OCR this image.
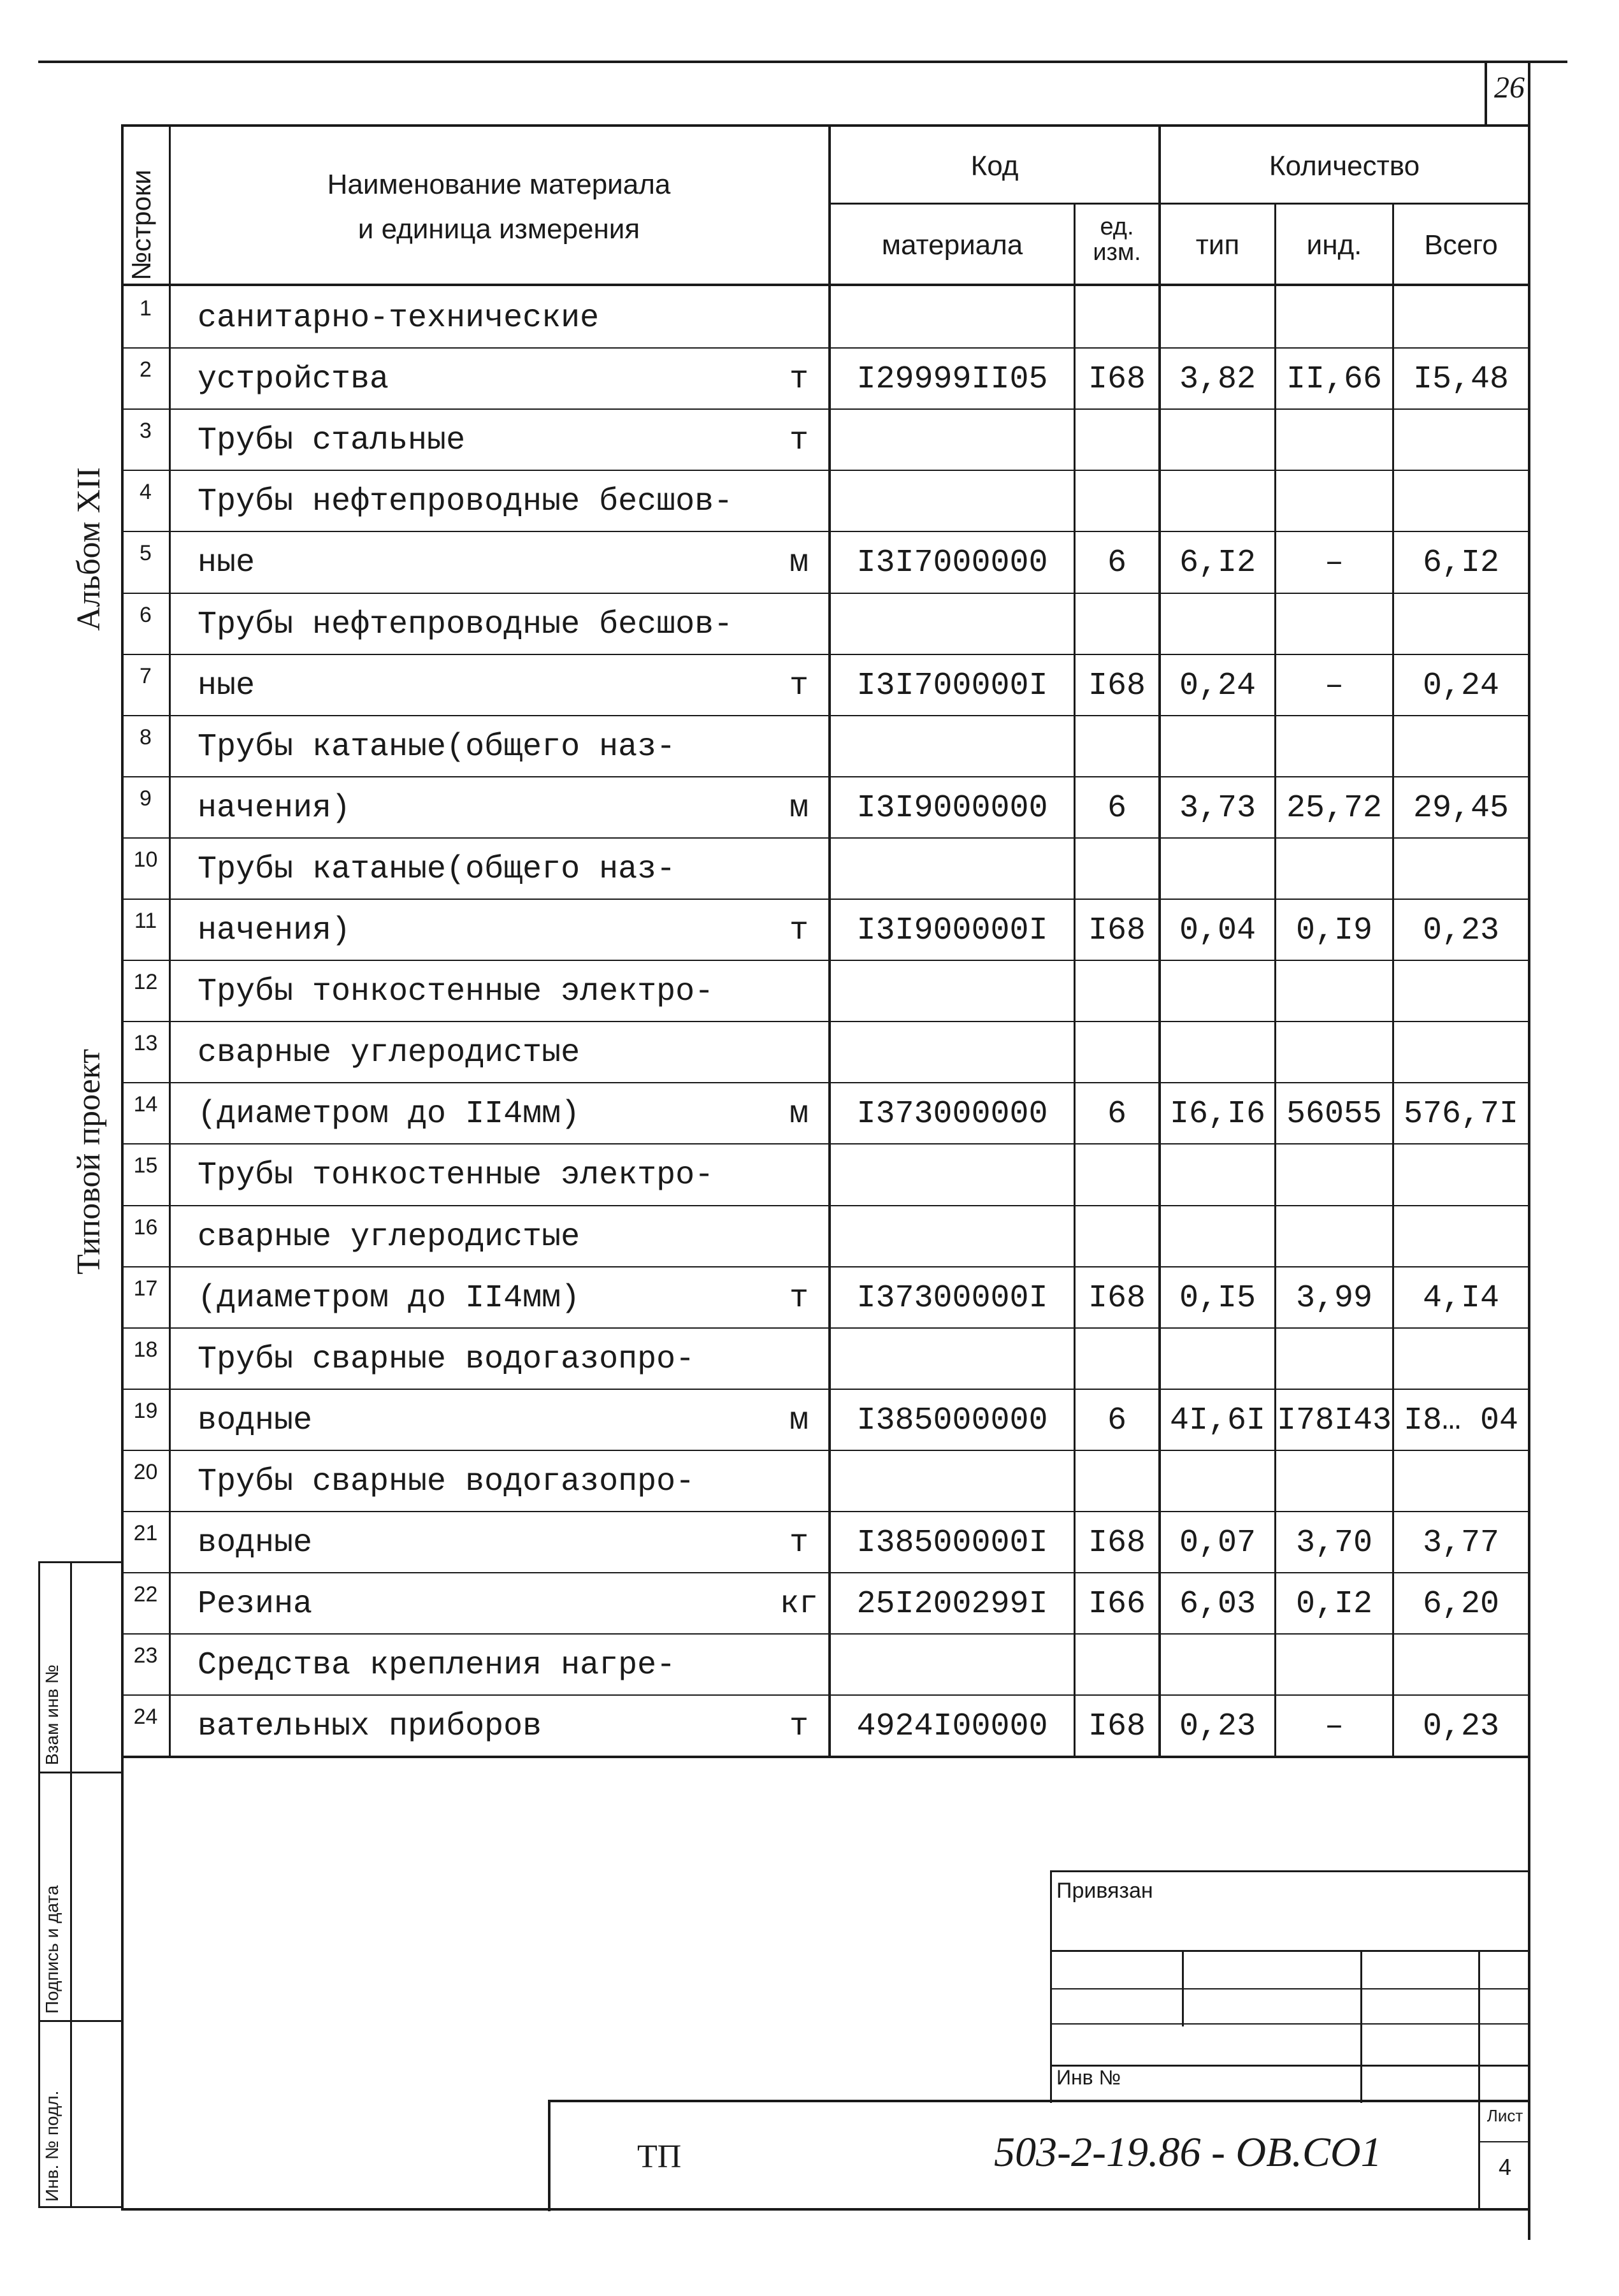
26
Альбом XII
Типовой проект
Взам инв №
Подпись и дата
Инв. № подл.
№строки	Наименование материала
и единица измерения
Код
материала
ед. изм.
Количество
тип	инд.	Всего
1	санитарно-технические
2	устройства	т	I29999II05	I68	3,82 II,66 I5,48
3	Трубы стальные	т
4	Трубы нефтепроводные бесшов-
5	ные	м	I3I7000000	6	6,I2	–	6,I2
6	Трубы нефтепроводные бесшов-
7	ные	т	I3I700000I	I68	0,24	–	0,24
8	Трубы катаные(общего наз-
9	начения)	м	I3I9000000	6	3,73 25,72 29,45
10	Трубы катаные(общего наз-
11	начения)	т	I3I900000I	I68	0,04	0,I9	0,23
12	Трубы тонкостенные электро-
13	сварные углеродистые
14	(диаметром до II4мм)	м	I373000000	6	I6,I6 56055 576,7I
15	Трубы тонкостенные электро-
16	сварные углеродистые
17	(диаметром до II4мм)	т	I37300000I	I68	0,I5	3,99	4,I4
18	Трубы сварные водогазопро-
19	водные	м	I385000000	6	4I,6I I78I43 I8… 04
20	Трубы сварные водогазопро-
21	водные	т	I38500000I	I68	0,07	3,70	3,77
22	Резина	кг	25I200299I	I66	6,03	0,I2	6,20
23	Средства крепления нагре-
24	вательных приборов	т	4924I00000	I68	0,23	–	0,23
Привязан
Инв №
ТП	503-2-19.86 - ОВ.СО1
Лист
4
